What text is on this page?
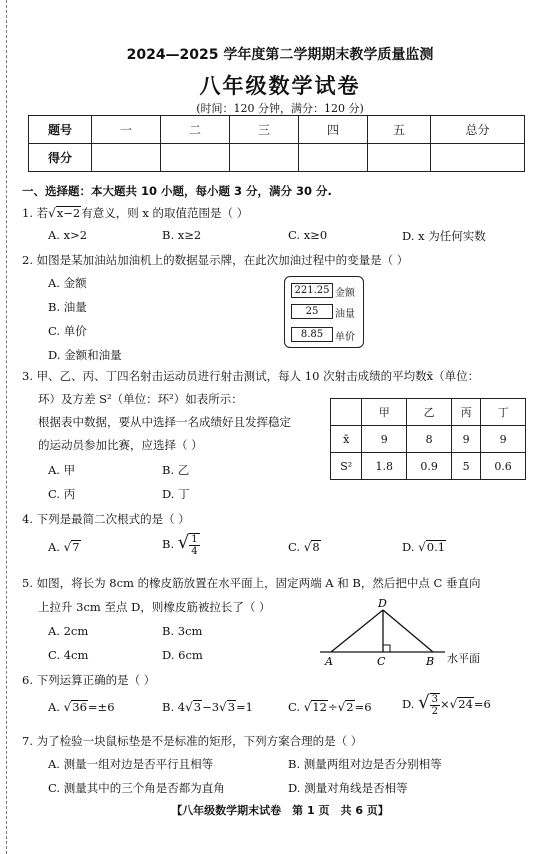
2024—2025 学年度第二学期期末教学质量监测
八年级数学试卷
(时间：120 分钟，满分：120 分)
题号	一	二	三	四	五	总分
得分						
一、选择题：本大题共 10 小题，每小题 3 分，满分 30 分.
1. 若√x−2有意义，则 x 的取值范围是（ ）
A. x>2	B. x≥2	C. x≥0	D. x 为任何实数
2. 如图是某加油站加油机上的数据显示牌，在此次加油过程中的变量是（ ）
A. 金额
B. 油量
C. 单价
D. 金额和油量
221.25 金额
25	油量
8.85	单价
3. 甲、乙、丙、丁四名射击运动员进行射击测试，每人 10 次射击成绩的平均数x̄（单位：
环）及方差 S²（单位：环²）如表所示：
根据表中数据，要从中选择一名成绩好且发挥稳定
的运动员参加比赛，应选择（ ）
A. 甲	B. 乙
C. 丙	D. 丁
	甲	乙	丙	丁
x̄	9	8	9	9
S²	1.8	0.9	5	0.6
4. 下列是最简二次根式的是（ ）
A. √7	B. √ $\frac{1}{4}$	C. √8	D. √0.1
5. 如图，将长为 8cm 的橡皮筋放置在水平面上，固定两端 A 和 B，然后把中点 C 垂直向
上拉升 3cm 至点 D，则橡皮筋被拉长了（ ）
A. 2cm	B. 3cm
C. 4cm	D. 6cm	A	C	B
D
水平面
6. 下列运算正确的是（ ）
A. √36=±6	B. 4√3−3√3=1	C. √12÷√2=6	D. √ $\frac{3}{2} \times√24=6$
7. 为了检验一块鼠标垫是不是标准的矩形，下列方案合理的是（ ）
A. 测量一组对边是否平行且相等	B. 测量两组对边是否分别相等
C. 测量其中的三个角是否都为直角	D. 测量对角线是否相等
【八年级数学期末试卷　第 1 页　共 6 页】
